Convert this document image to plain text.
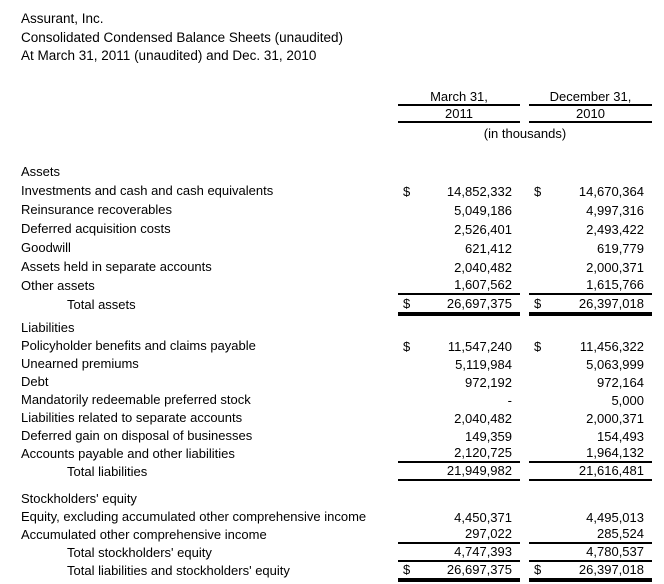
Assurant, Inc.
Consolidated Condensed Balance Sheets (unaudited)
At March 31, 2011 (unaudited) and Dec. 31, 2010
March 31,	December 31,
2011	2010
(in thousands)
Assets
Investments and cash and cash equivalents	$	14,852,332 $	14,670,364
Reinsurance recoverables	5,049,186	4,997,316
Deferred acquisition costs	2,526,401	2,493,422
Goodwill	621,412	619,779
Assets held in separate accounts	2,040,482	2,000,371
Other assets	1,607,562	1,615,766
Total assets	$	26,697,375 $	26,397,018
Liabilities
Policyholder benefits and claims payable	$	11,547,240 $	11,456,322
Unearned premiums	5,119,984	5,063,999
Debt	972,192	972,164
Mandatorily redeemable preferred stock	-	5,000
Liabilities related to separate accounts	2,040,482	2,000,371
Deferred gain on disposal of businesses	149,359	154,493
Accounts payable and other liabilities	2,120,725	1,964,132
Total liabilities	21,949,982	21,616,481
Stockholders' equity
Equity, excluding accumulated other comprehensive income	4,450,371	4,495,013
Accumulated other comprehensive income	297,022	285,524
Total stockholders' equity	4,747,393	4,780,537
Total liabilities and stockholders' equity	$	26,697,375 $	26,397,018
